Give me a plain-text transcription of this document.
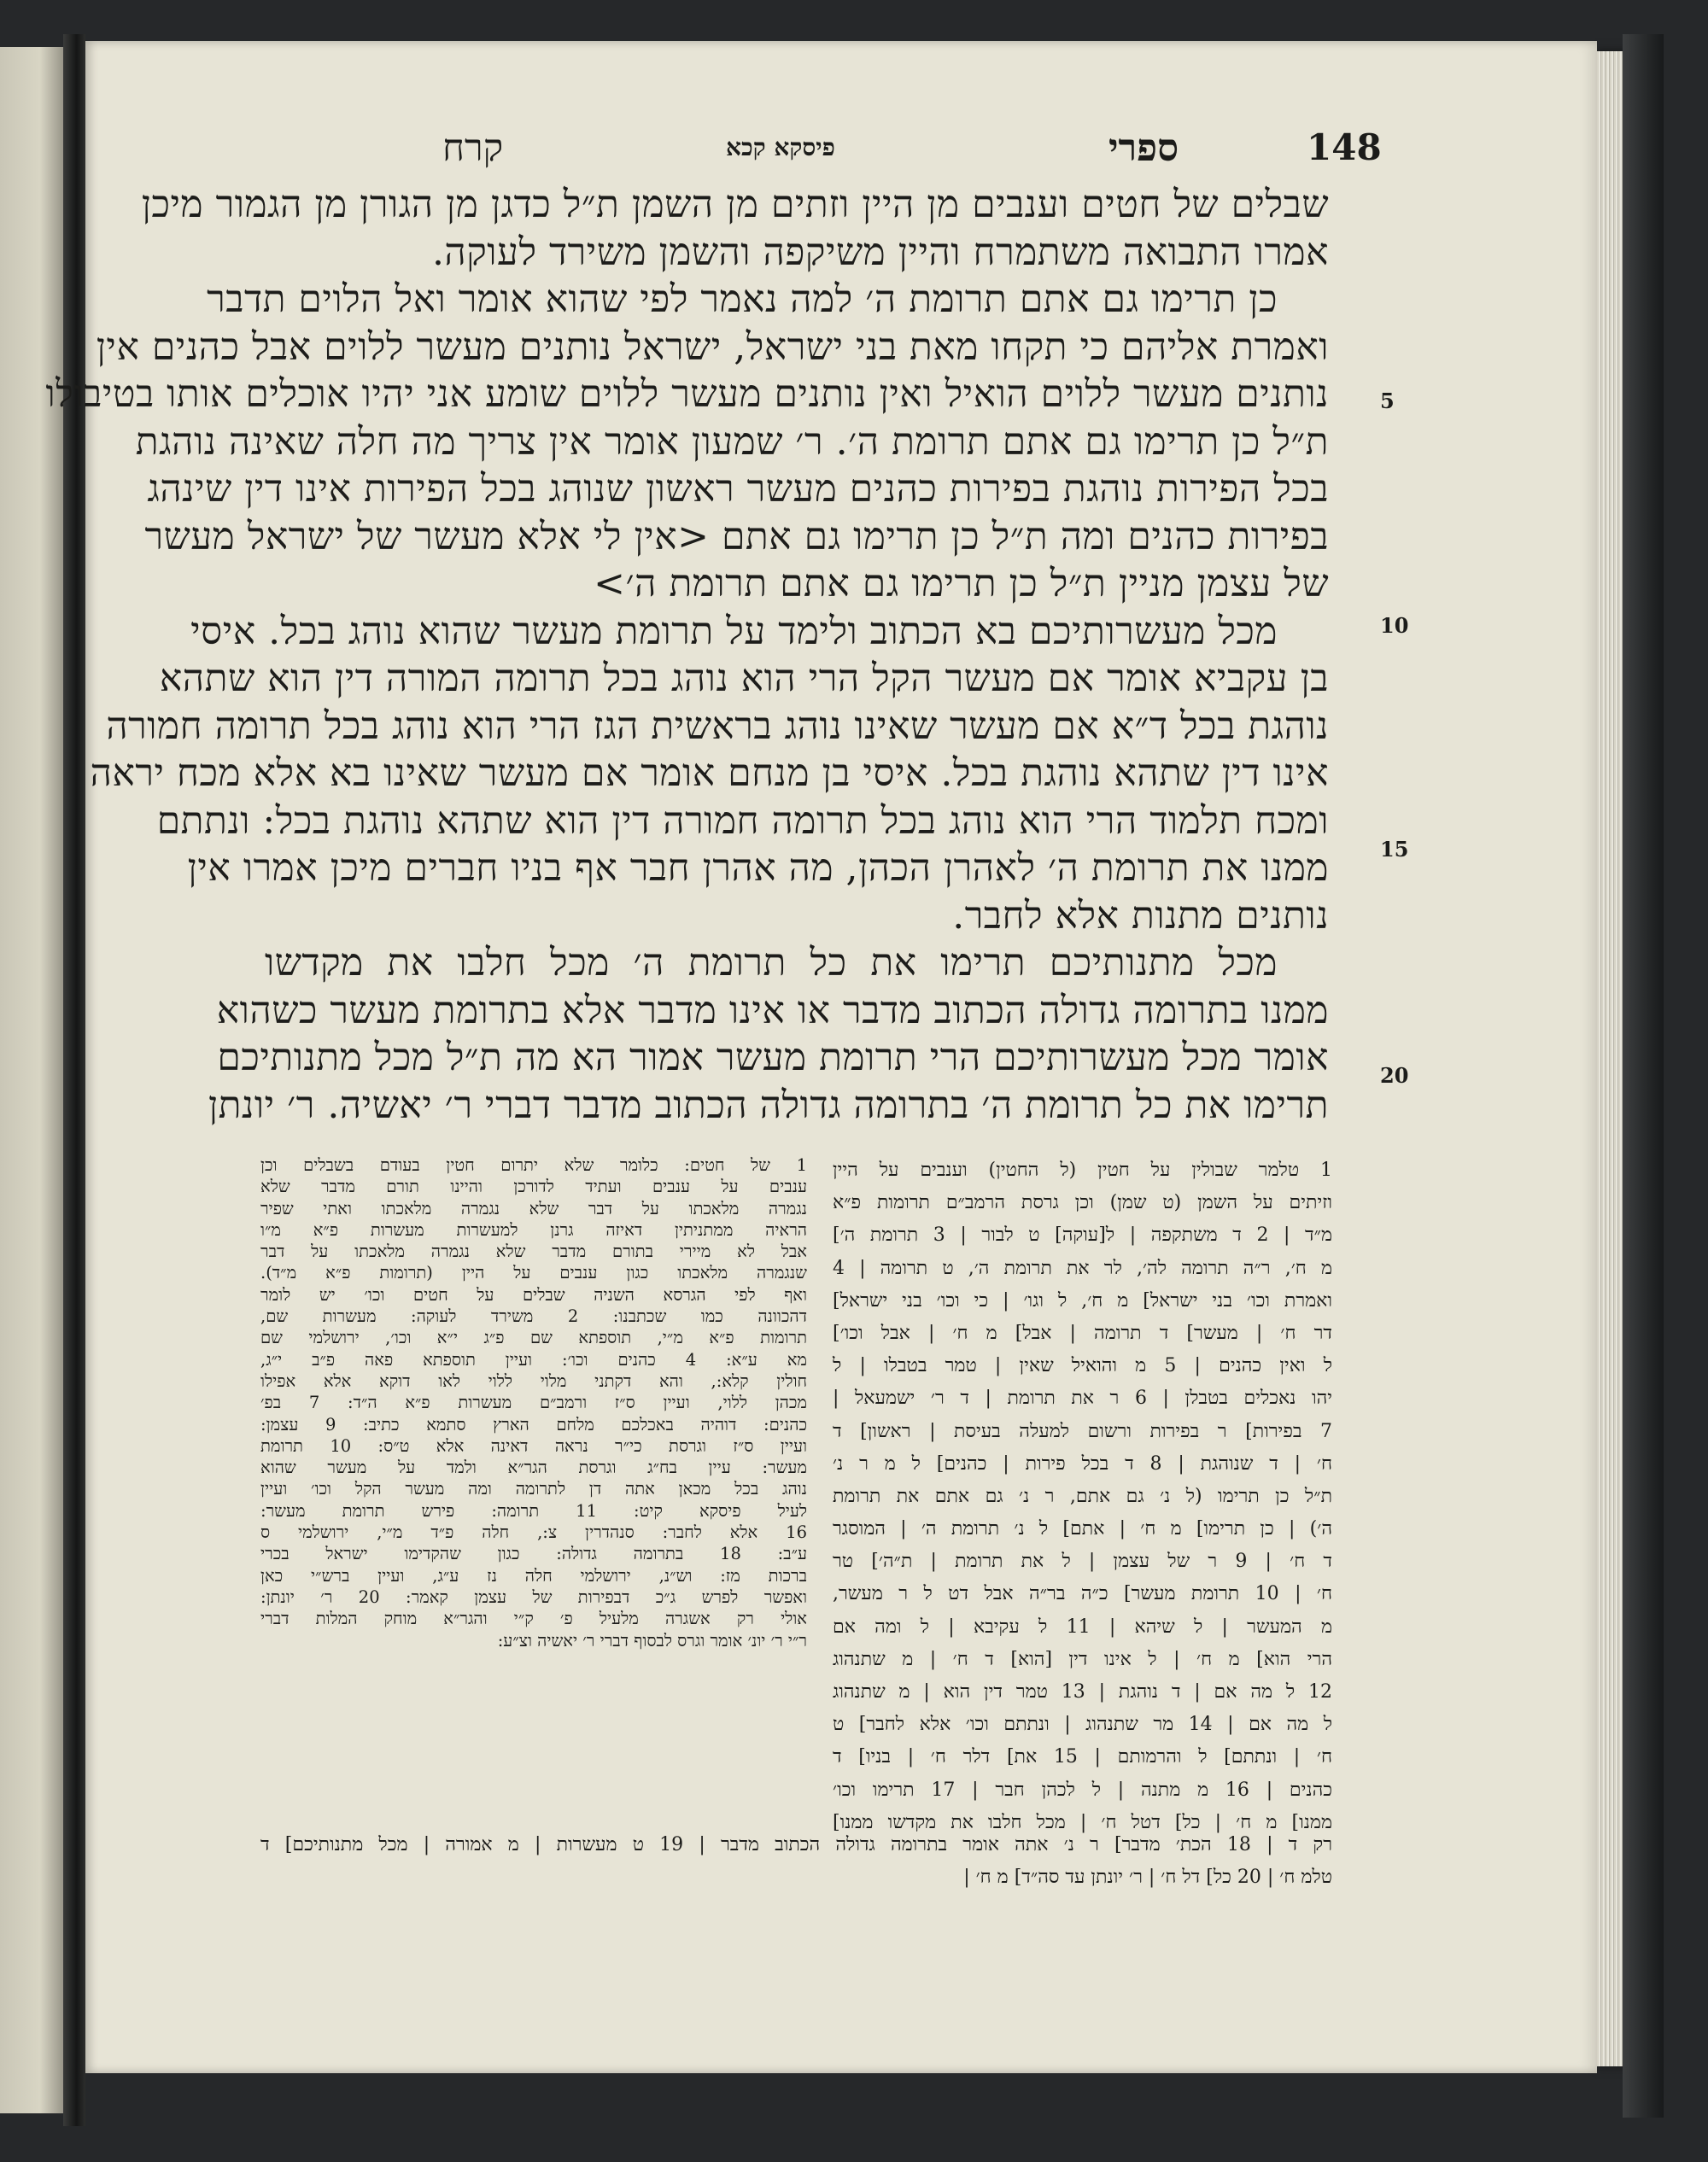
148
ספרי
פיסקא קכא
קרח
שבלים של חטים וענבים מן היין וזתים מן השמן ת״ל כדגן מן הגורן מן הגמור מיכן
אמרו התבואה משתמרח והיין משיקפה והשמן משירד לעוקה.
כן תרימו גם אתם תרומת ה׳ למה נאמר לפי שהוא אומר ואל הלוים תדבר
ואמרת אליהם כי תקחו מאת בני ישראל, ישראל נותנים מעשר ללוים אבל כהנים אין
נותנים מעשר ללוים הואיל ואין נותנים מעשר ללוים שומע אני יהיו אוכלים אותו בטיבולו
ת״ל כן תרימו גם אתם תרומת ה׳. ר׳ שמעון אומר אין צריך מה חלה שאינה נוהגת
בכל הפירות נוהגת בפירות כהנים מעשר ראשון שנוהג בכל הפירות אינו דין שינהג
בפירות כהנים ומה ת״ל כן תרימו גם אתם <אין לי אלא מעשר של ישראל מעשר
של עצמן מניין ת״ל כן תרימו גם אתם תרומת ה׳>
מכל מעשרותיכם בא הכתוב ולימד על תרומת מעשר שהוא נוהג בכל. איסי
בן עקביא אומר אם מעשר הקל הרי הוא נוהג בכל תרומה המורה דין הוא שתהא
נוהגת בכל ד״א אם מעשר שאינו נוהג בראשית הגז הרי הוא נוהג בכל תרומה חמורה
אינו דין שתהא נוהגת בכל. איסי בן מנחם אומר אם מעשר שאינו בא אלא מכח יראה
ומכח תלמוד הרי הוא נוהג בכל תרומה חמורה דין הוא שתהא נוהגת בכל: ונתתם
ממנו את תרומת ה׳ לאהרן הכהן, מה אהרן חבר אף בניו חברים מיכן אמרו אין
נותנים מתנות אלא לחבר.
מכל מתנותיכם תרימו את כל תרומת ה׳ מכל חלבו את מקדשו
ממנו בתרומה גדולה הכתוב מדבר או אינו מדבר אלא בתרומת מעשר כשהוא
אומר מכל מעשרותיכם הרי תרומת מעשר אמור הא מה ת״ל מכל מתנותיכם
תרימו את כל תרומת ה׳ בתרומה גדולה הכתוב מדבר דברי ר׳ יאשיה. ר׳ יונתן
5
10
15
20
1 טלמר שבולין על חטין (ל החטין) וענבים על היין
וזיתים על השמן (ט שמן) וכן גרסת הרמב״ם תרומות פ״א
מ״ד | 2 ד משתקפה | ל[עוקה] ט לבור | 3 תרומת ה׳]
מ ח׳, ר״ה תרומה לה׳, לר את תרומת ה׳, ט תרומה | 4
ואמרת וכו׳ בני ישראל] מ ח׳, ל וגו׳ | כי וכו׳ בני ישראל]
דר ח׳ | מעשר] ד תרומה | אבל] מ ח׳ | אבל וכו׳]
ל ואין כהנים | 5 מ והואיל שאין | טמר בטבלו | ל
יהו נאכלים בטבלן | 6 ר את תרומת | ד ר׳ ישמעאל |
7 בפירות] ר בפירות ורשום למעלה בעיסת | ראשון] ד
ח׳ | ד שנוהגת | 8 ד בכל פירות | כהנים] ל מ ר נ׳
ת״ל כן תרימו (ל נ׳ גם אתם, ר נ׳ גם אתם את תרומת
ה׳) | כן תרימו] מ ח׳ | אתם] ל נ׳ תרומת ה׳ | המוסגר
ד ח׳ | 9 ר של עצמן | ל את תרומת | ת״ה׳] טר
ח׳ | 10 תרומת מעשר] כ״ה בר״ה אבל דט ל ר מעשר,
מ המעשר | ל שיהא | 11 ל עקיבא | ל ומה אם
הרי הוא] מ ח׳ | ל אינו דין [הוא] ד ח׳ | מ שתנהוג
12 ל מה אם | ד נוהגת | 13 טמר דין הוא | מ שתנהוג
ל מה אם | 14 מר שתנהוג | ונתתם וכו׳ אלא לחבר] ט
ח׳ | ונתתם] ל והרמותם | 15 את] דלר ח׳ | בניו] ד
כהנים | 16 מ מתנה | ל לכהן חבר | 17 תרימו וכו׳
ממנו] מ ח׳ | כל] דטל ח׳ | מכל חלבו את מקדשו ממנו]
1 של חטים: כלומר שלא יתרום חטין בעודם בשבלים וכן
ענבים על ענבים ועתיד לדורכן והיינו תורם מדבר שלא
נגמרה מלאכתו על דבר שלא נגמרה מלאכתו ואתי שפיר
הראיה ממתניתין דאיזה גרנן למעשרות מעשרות פ״א מ״ו
אבל לא מיירי בתורם מדבר שלא נגמרה מלאכתו על דבר
שנגמרה מלאכתו כגון ענבים על היין (תרומות פ״א מ״ד).
ואף לפי הגרסא השניה שבלים על חטים וכו׳ יש לומר
דהכוונה כמו שכתבנו: 2 משירד לעוקה: מעשרות שם,
תרומות פ״א מ״י, תוספתא שם פ״ג י״א וכו׳, ירושלמי שם
מא ע״א: 4 כהנים וכו׳: ועיין תוספתא פאה פ״ב י״ג,
חולין קלא:, והא דקתני מלוי ללוי לאו דוקא אלא אפילו
מכהן ללוי, ועיין ס״ז ורמב״ם מעשרות פ״א ה״ד: 7 בפ׳
כהנים: דוהיה באכלכם מלחם הארץ סתמא כתיב: 9 עצמן:
ועיין ס״ז וגרסת כי״ר נראה דאינה אלא ט״ס: 10 תרומת
מעשר: עיין בח״ג וגרסת הגר״א ולמד על מעשר שהוא
נוהג בכל מכאן אתה דן לתרומה ומה מעשר הקל וכו׳ ועיין
לעיל פיסקא קיט: 11 תרומה: פירש תרומת מעשר:
16 אלא לחבר: סנהדרין צ:, חלה פ״ד מ״י, ירושלמי ס
ע״ב: 18 בתרומה גדולה: כגון שהקדימו ישראל בכרי
ברכות מז: וש״נ, ירושלמי חלה נז ע״ג, ועיין ברש״י כאן
ואפשר לפרש ג״כ דבפירות של עצמן קאמר: 20 ר׳ יונתן:
אולי רק אשגרה מלעיל פ׳ ק״י והגר״א מוחק המלות דברי
ר״י ר׳ יונ׳ אומר וגרס לבסוף דברי ר׳ יאשיה וצ״ע:
רק ד | 18 הכת׳ מדבר] ר נ׳ אתה אומר בתרומה גדולה הכתוב מדבר | 19 ט מעשרות | מ אמורה | מכל מתנותיכם] ד
טלמ ח׳ | 20 כל] דל ח׳ | ר׳ יונתן עד סה״ד] מ ח׳ |
